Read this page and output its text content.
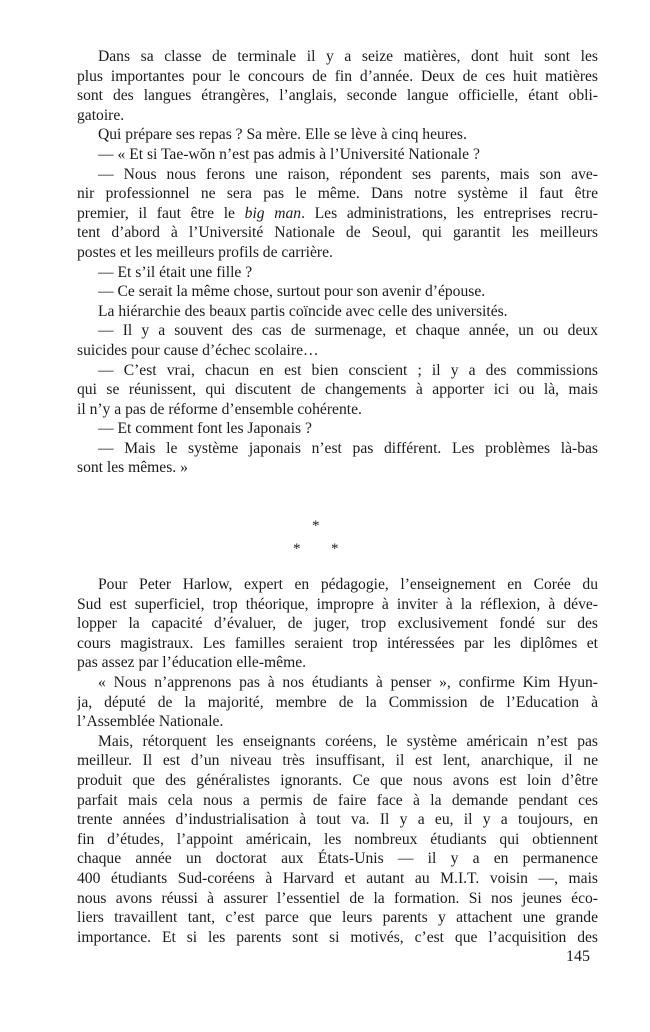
Dans sa classe de terminale il y a seize matières, dont huit sont les
plus importantes pour le concours de fin d’année. Deux de ces huit matières
sont des langues étrangères, l’anglais, seconde langue officielle, étant obli-
gatoire.
Qui prépare ses repas ? Sa mère. Elle se lève à cinq heures.
— « Et si Tae-wŏn n’est pas admis à l’Université Nationale ?
— Nous nous ferons une raison, répondent ses parents, mais son ave-
nir professionnel ne sera pas le même. Dans notre système il faut être
premier, il faut être le big man. Les administrations, les entreprises recru-
tent d’abord à l’Université Nationale de Seoul, qui garantit les meilleurs
postes et les meilleurs profils de carrière.
— Et s’il était une fille ?
— Ce serait la même chose, surtout pour son avenir d’épouse.
La hiérarchie des beaux partis coïncide avec celle des universités.
— Il y a souvent des cas de surmenage, et chaque année, un ou deux
suicides pour cause d’échec scolaire…
— C’est vrai, chacun en est bien conscient ; il y a des commissions
qui se réunissent, qui discutent de changements à apporter ici ou là, mais
il n’y a pas de réforme d’ensemble cohérente.
— Et comment font les Japonais ?
— Mais le système japonais n’est pas différent. Les problèmes là-bas
sont les mêmes. »
*
* *
Pour Peter Harlow, expert en pédagogie, l’enseignement en Corée du
Sud est superficiel, trop théorique, impropre à inviter à la réflexion, à déve-
lopper la capacité d’évaluer, de juger, trop exclusivement fondé sur des
cours magistraux. Les familles seraient trop intéressées par les diplômes et
pas assez par l’éducation elle-même.
« Nous n’apprenons pas à nos étudiants à penser », confirme Kim Hyun-
ja, député de la majorité, membre de la Commission de l’Education à
l’Assemblée Nationale.
Mais, rétorquent les enseignants coréens, le système américain n’est pas
meilleur. Il est d’un niveau très insuffisant, il est lent, anarchique, il ne
produit que des généralistes ignorants. Ce que nous avons est loin d’être
parfait mais cela nous a permis de faire face à la demande pendant ces
trente années d’industrialisation à tout va. Il y a eu, il y a toujours, en
fin d’études, l’appoint américain, les nombreux étudiants qui obtiennent
chaque année un doctorat aux États-Unis — il y a en permanence
400 étudiants Sud-coréens à Harvard et autant au M.I.T. voisin —, mais
nous avons réussi à assurer l’essentiel de la formation. Si nos jeunes éco-
liers travaillent tant, c’est parce que leurs parents y attachent une grande
importance. Et si les parents sont si motivés, c’est que l’acquisition des
145
